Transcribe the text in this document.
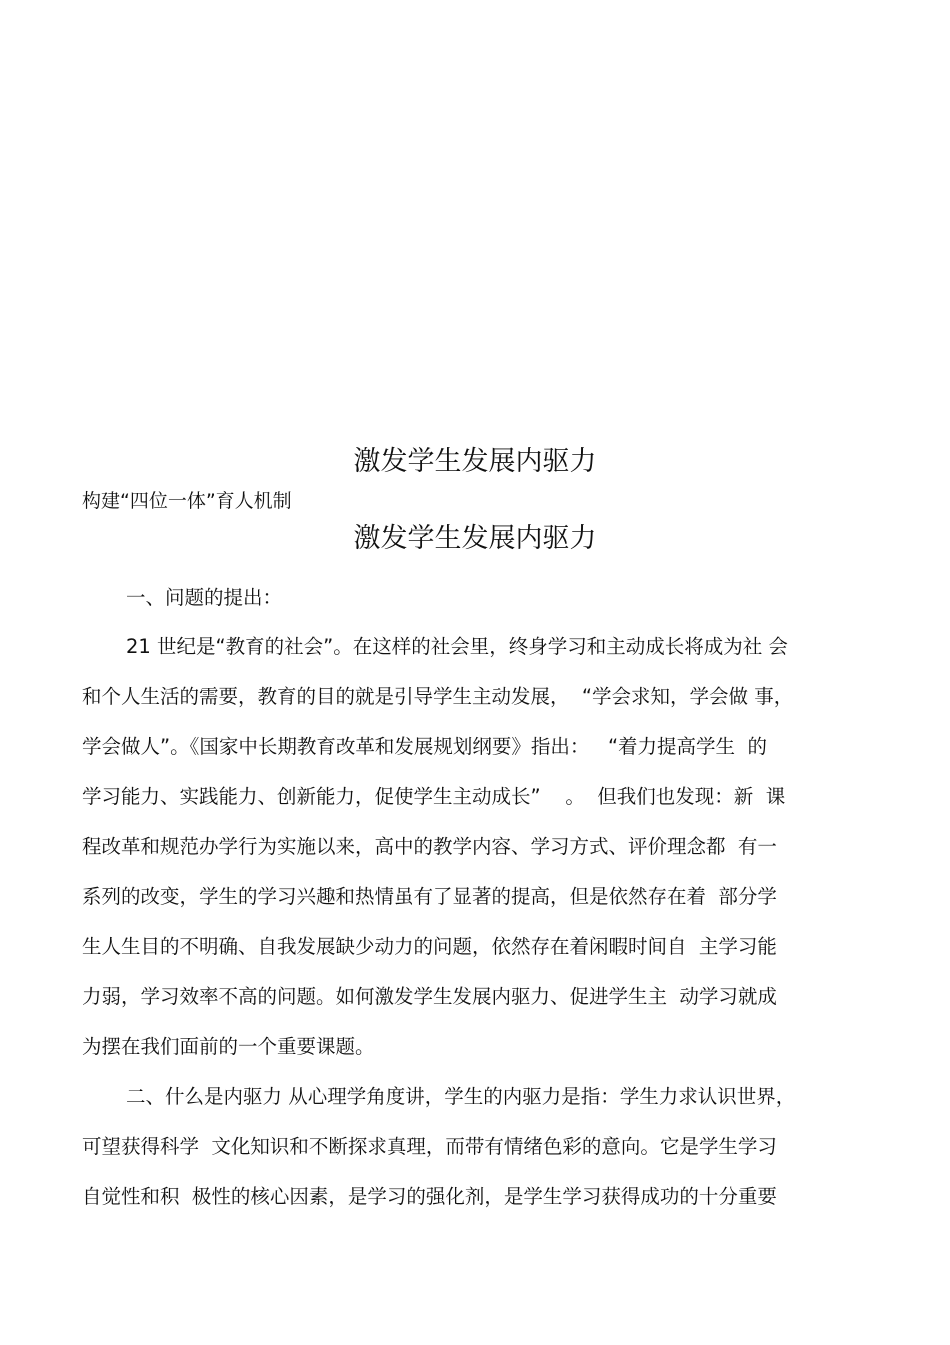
激发学生发展内驱力
构建“四位一体”育人机制
激发学生发展内驱力
一、问题的提出：
21 世纪是“教育的社会”。在这样的社会里，终身学习和主动成长将成为社 会
和个人生活的需要，教育的目的就是引导学生主动发展，  “学会求知，学会做 事，
学会做人”。《国家中长期教育改革和发展规划纲要》指出：   “着力提高学生  的
学习能力、实践能力、创新能力，促使学生主动成长”    。  但我们也发现：新  课
程改革和规范办学行为实施以来，高中的教学内容、学习方式、评价理念都  有一
系列的改变，学生的学习兴趣和热情虽有了显著的提高，但是依然存在着  部分学
生人生目的不明确、自我发展缺少动力的问题，依然存在着闲暇时间自  主学习能
力弱，学习效率不高的问题。如何激发学生发展内驱力、促进学生主  动学习就成
为摆在我们面前的一个重要课题。
二、什么是内驱力 从心理学角度讲，学生的内驱力是指：学生力求认识世界，
可望获得科学  文化知识和不断探求真理，而带有情绪色彩的意向。它是学生学习
自觉性和积  极性的核心因素，是学习的强化剂，是学生学习获得成功的十分重要
